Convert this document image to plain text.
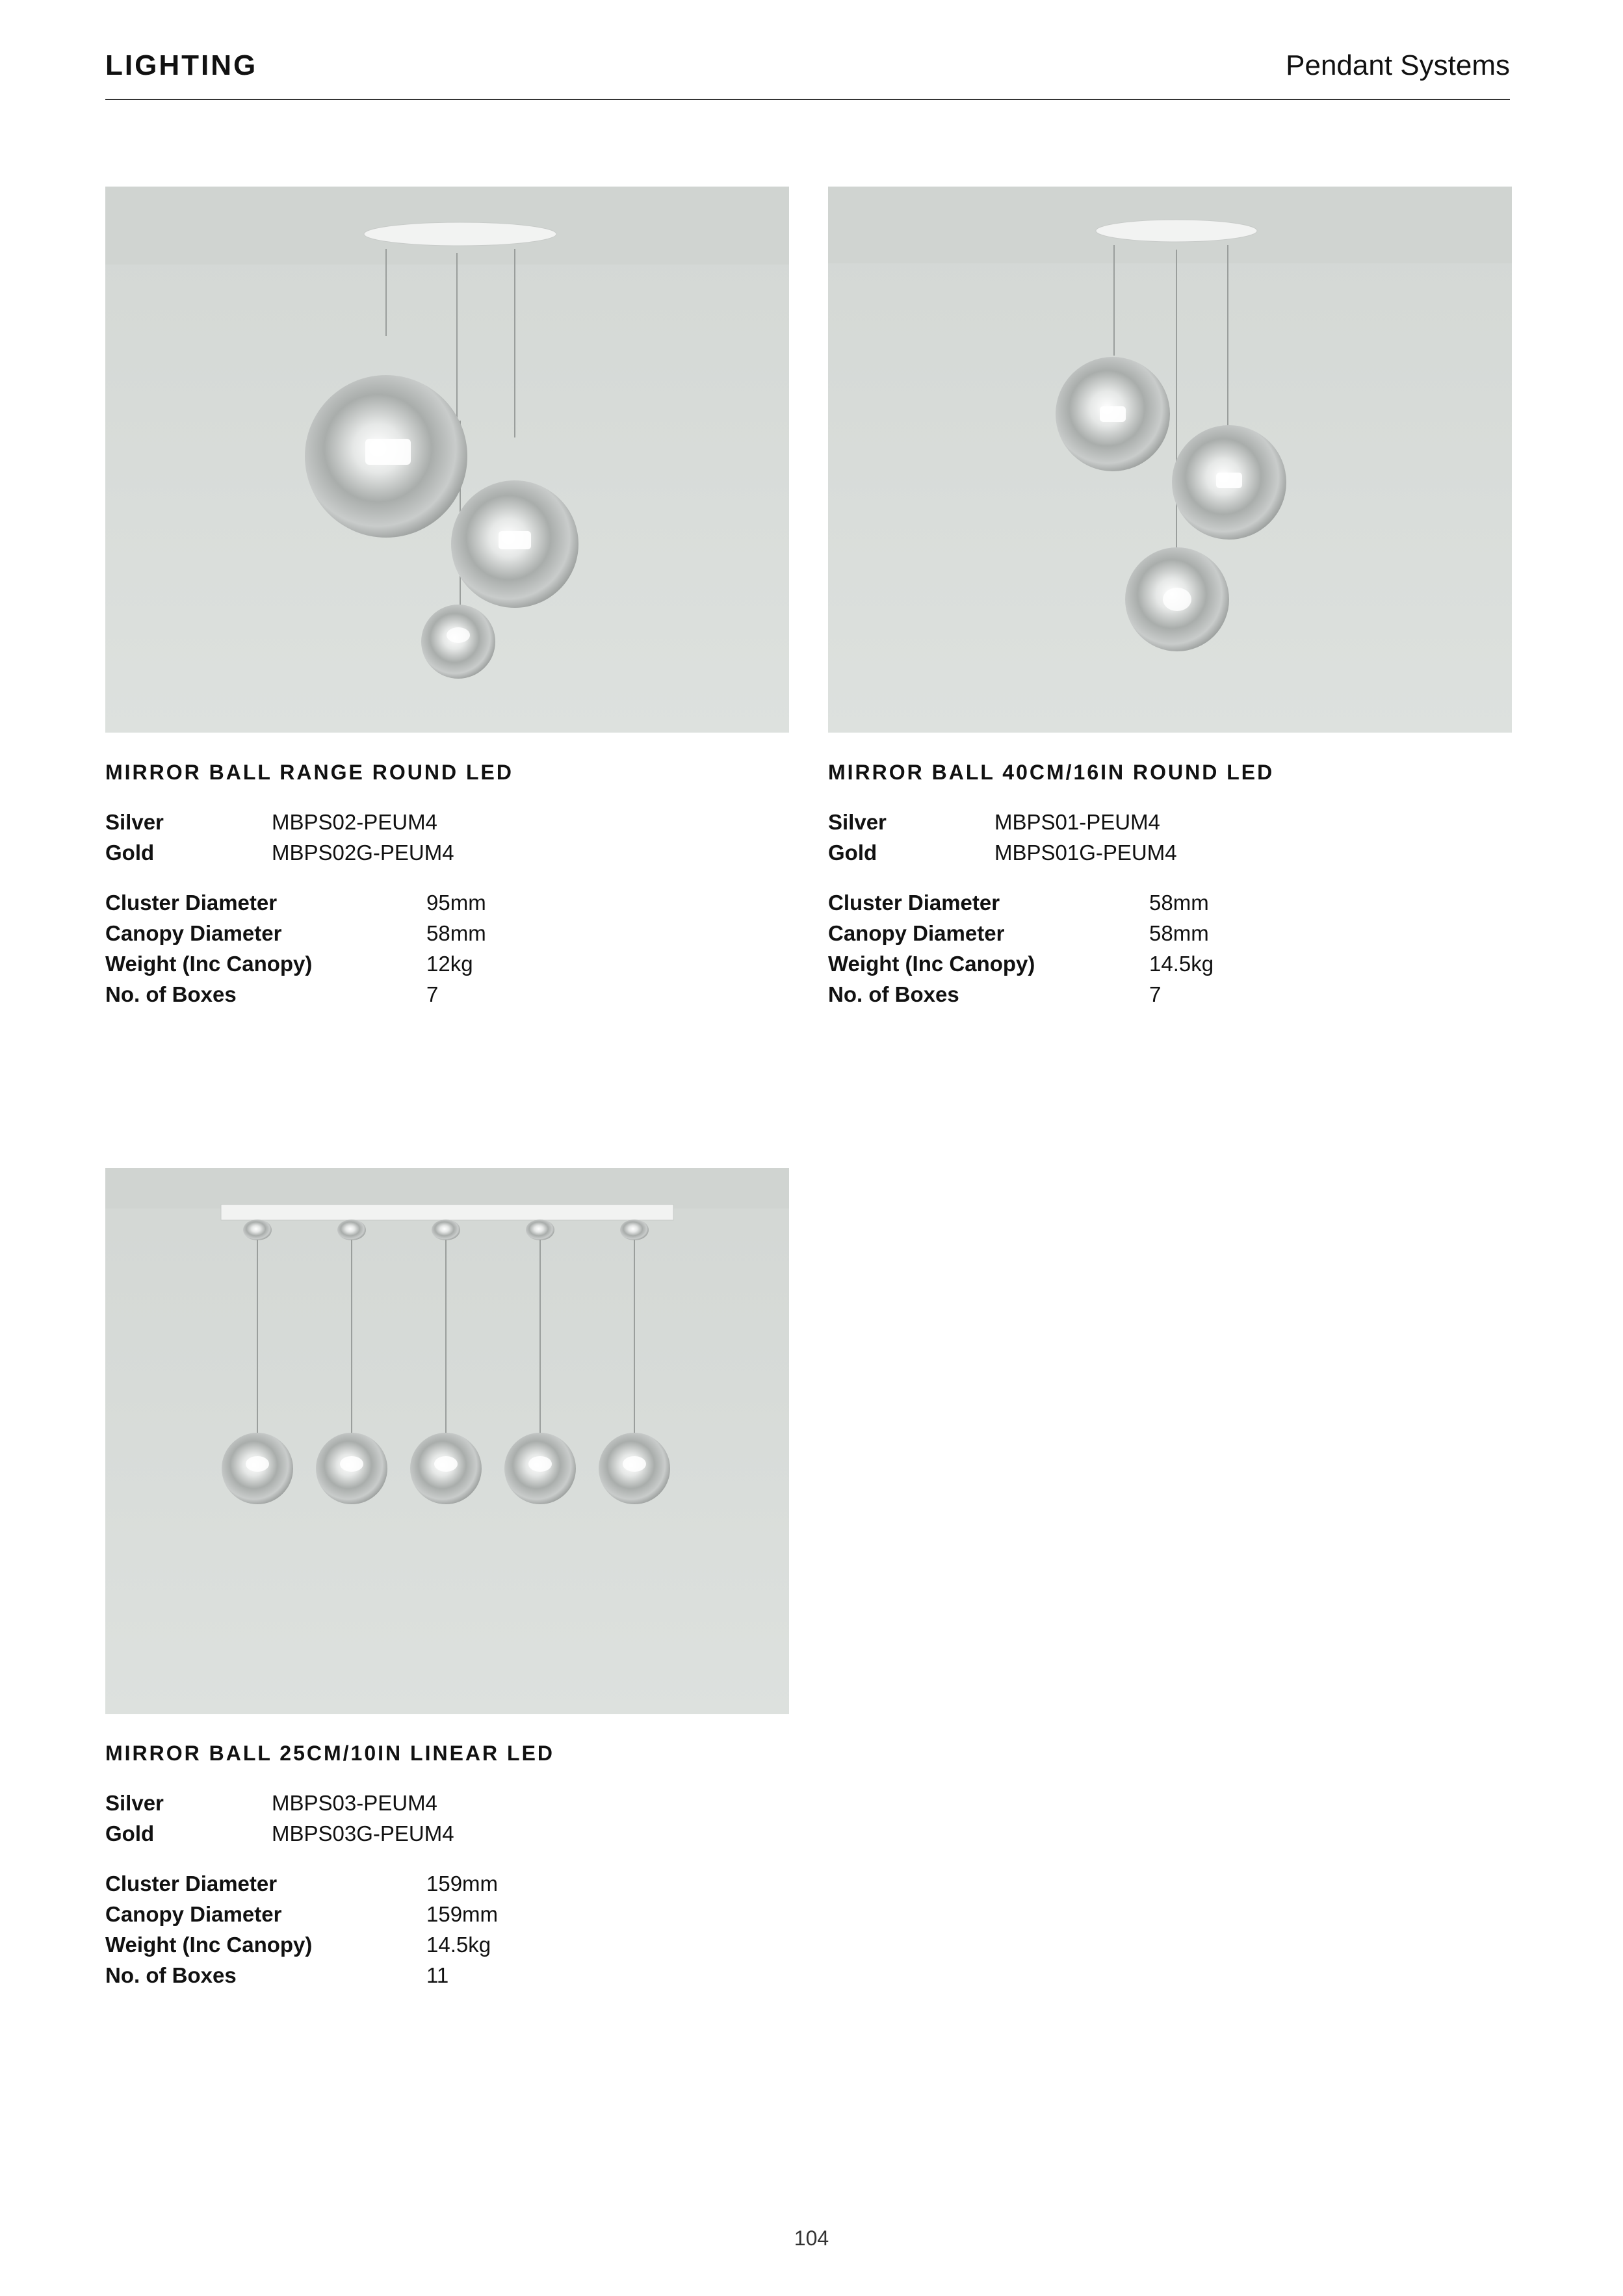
LIGHTING	Pendant Systems
MIRROR BALL RANGE ROUND LED
Silver	MBPS02-PEUM4
Gold	MBPS02G-PEUM4
Cluster Diameter	95mm
Canopy Diameter	58mm
Weight (Inc Canopy)	12kg
No. of Boxes	7
MIRROR BALL 40CM/16IN ROUND LED
Silver	MBPS01-PEUM4
Gold	MBPS01G-PEUM4
Cluster Diameter	58mm
Canopy Diameter	58mm
Weight (Inc Canopy)	14.5kg
No. of Boxes	7
MIRROR BALL 25CM/10IN LINEAR LED
Silver	MBPS03-PEUM4
Gold	MBPS03G-PEUM4
Cluster Diameter	159mm
Canopy Diameter	159mm
Weight (Inc Canopy)	14.5kg
No. of Boxes	11
104
